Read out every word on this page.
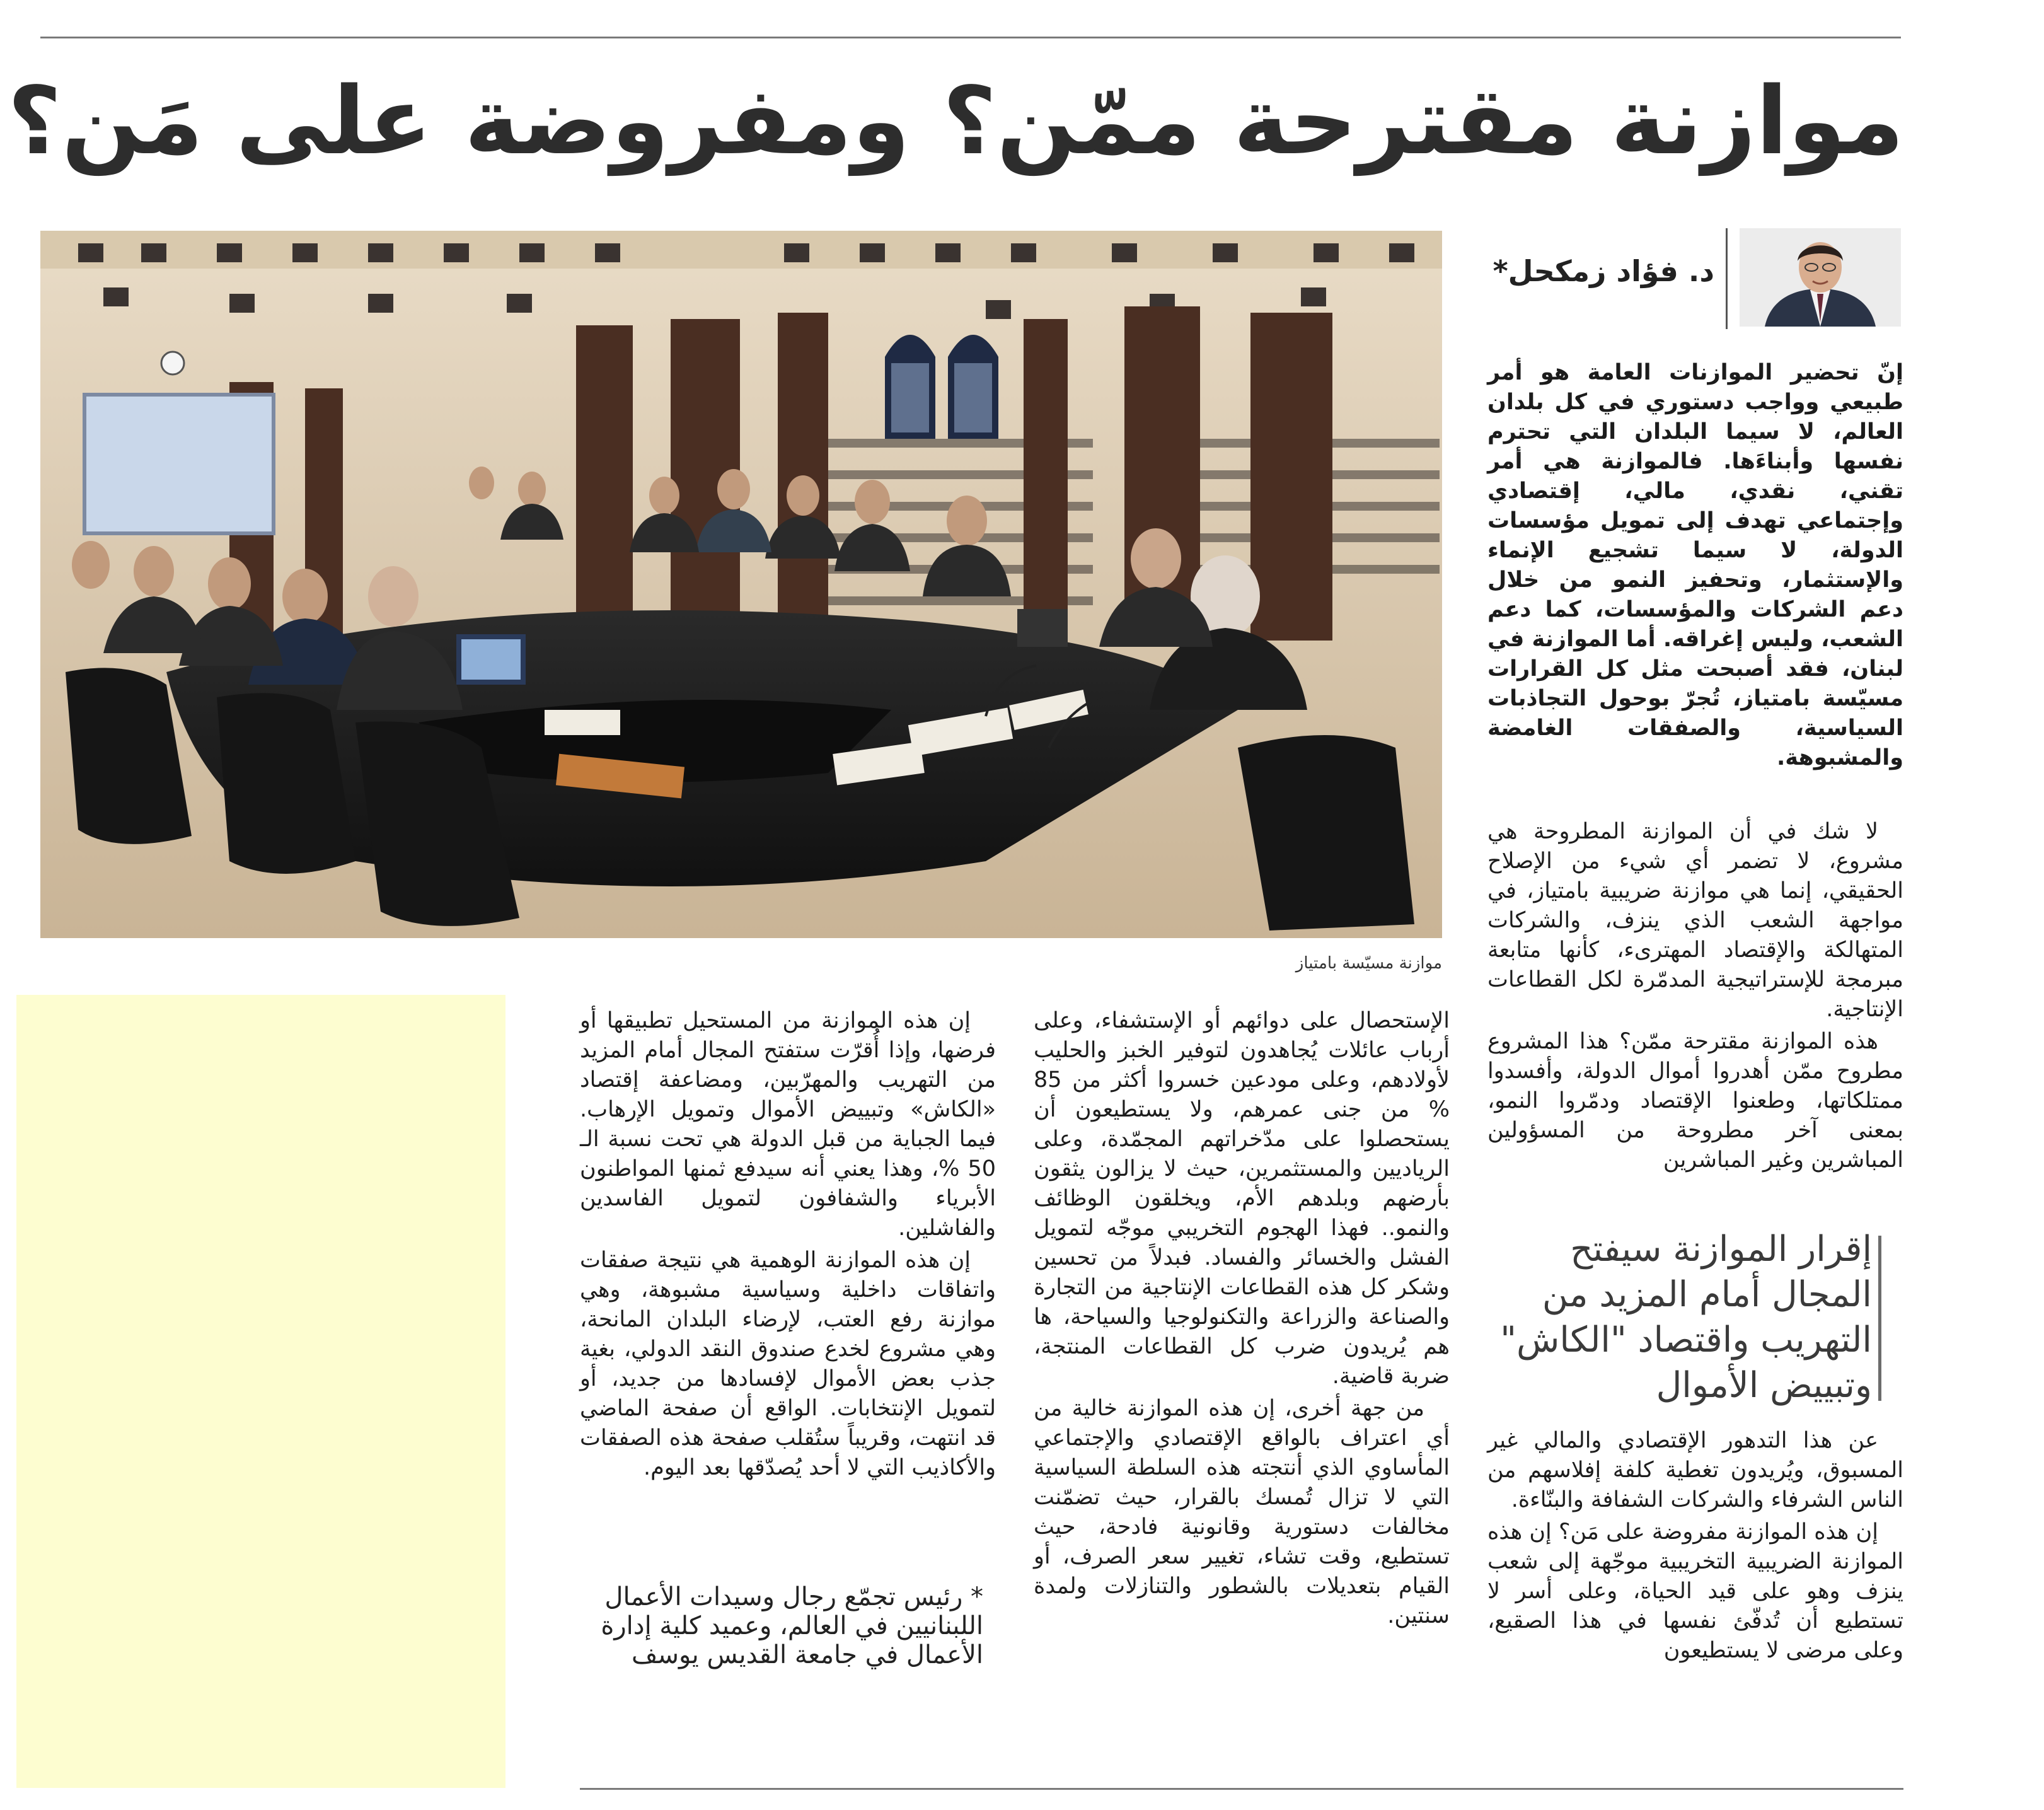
موازنة مقترحة ممّن؟ ومفروضة على مَن؟
د. فؤاد زمكحل*
موازنة مسيّسة بامتياز

إنّ تحضير الموازنات العامة هو أمر طبيعي وواجب دستوري في كل بلدان العالم، لا سيما البلدان التي تحترم نفسها وأبناءَها. فالموازنة هي أمر تقني، نقدي، مالي، إقتصادي وإجتماعي تهدف إلى تمويل مؤسسات الدولة، لا سيما تشجيع الإنماء والإستثمار، وتحفيز النمو من خلال دعم الشركات والمؤسسات، كما دعم الشعب، وليس إغراقه. أما الموازنة في لبنان، فقد أصبحت مثل كل القرارات مسيّسة بامتياز، تُجرّ بوحول التجاذبات السياسية، والصفقات الغامضة والمشبوهة.

لا شك في أن الموازنة المطروحة هي مشروع، لا تضمر أي شيء من الإصلاح الحقيقي، إنما هي موازنة ضريبية بامتياز، في مواجهة الشعب الذي ينزف، والشركات المتهالكة والإقتصاد المهترىء، كأنها متابعة مبرمجة للإستراتيجية المدمّرة لكل القطاعات الإنتاجية.

هذه الموازنة مقترحة ممّن؟ هذا المشروع مطروح ممّن أهدروا أموال الدولة، وأفسدوا ممتلكاتها، وطعنوا الإقتصاد ودمّروا النمو، بمعنى آخر مطروحة من المسؤولين المباشرين وغير المباشرين

إقرار الموازنة سيفتح المجال أمام المزيد من التهريب واقتصاد "الكاش" وتبييض الأموال

عن هذا التدهور الإقتصادي والمالي غير المسبوق، ويُريدون تغطية كلفة إفلاسهم من الناس الشرفاء والشركات الشفافة والبنّاءة.

إن هذه الموازنة مفروضة على مَن؟ إن هذه الموازنة الضريبية التخريبية موجّهة إلى شعب ينزف وهو على قيد الحياة، وعلى أسر لا تستطيع أن تُدفّئ نفسها في هذا الصقيع، وعلى مرضى لا يستطيعون

الإستحصال على دوائهم أو الإستشفاء، وعلى أرباب عائلات يُجاهدون لتوفير الخبز والحليب لأولادهم، وعلى مودعين خسروا أكثر من 85 % من جنى عمرهم، ولا يستطيعون أن يستحصلوا على مدّخراتهم المجمّدة، وعلى الرياديين والمستثمرين، حيث لا يزالون يثقون بأرضهم وبلدهم الأم، ويخلقون الوظائف والنمو.. فهذا الهجوم التخريبي موجّه لتمويل الفشل والخسائر والفساد. فبدلاً من تحسين وشكر كل هذه القطاعات الإنتاجية من التجارة والصناعة والزراعة والتكنولوجيا والسياحة، ها هم يُريدون ضرب كل القطاعات المنتجة، ضربة قاضية.

من جهة أخرى، إن هذه الموازنة خالية من أي اعتراف بالواقع الإقتصادي والإجتماعي المأساوي الذي أنتجته هذه السلطة السياسية التي لا تزال تُمسك بالقرار، حيث تضمّنت مخالفات دستورية وقانونية فادحة، حيث تستطيع، وقت تشاء، تغيير سعر الصرف، أو القيام بتعديلات بالشطور والتنازلات ولمدة سنتين.

إن هذه الموازنة من المستحيل تطبيقها أو فرضها، وإذا أُقرّت ستفتح المجال أمام المزيد من التهريب والمهرّبين، ومضاعفة إقتصاد «الكاش» وتبييض الأموال وتمويل الإرهاب. فيما الجباية من قبل الدولة هي تحت نسبة الـ 50 %، وهذا يعني أنه سيدفع ثمنها المواطنون الأبرياء والشفافون لتمويل الفاسدين والفاشلين.

إن هذه الموازنة الوهمية هي نتيجة صفقات واتفاقات داخلية وسياسية مشبوهة، وهي موازنة رفع العتب، لإرضاء البلدان المانحة، وهي مشروع لخدع صندوق النقد الدولي، بغية جذب بعض الأموال لإفسادها من جديد، أو لتمويل الإنتخابات. الواقع أن صفحة الماضي قد انتهت، وقريباً ستُقلب صفحة هذه الصفقات والأكاذيب التي لا أحد يُصدّقها بعد اليوم.

* رئيس تجمّع رجال وسيدات الأعمال اللبنانيين في العالم، وعميد كلية إدارة الأعمال في جامعة القديس يوسف
